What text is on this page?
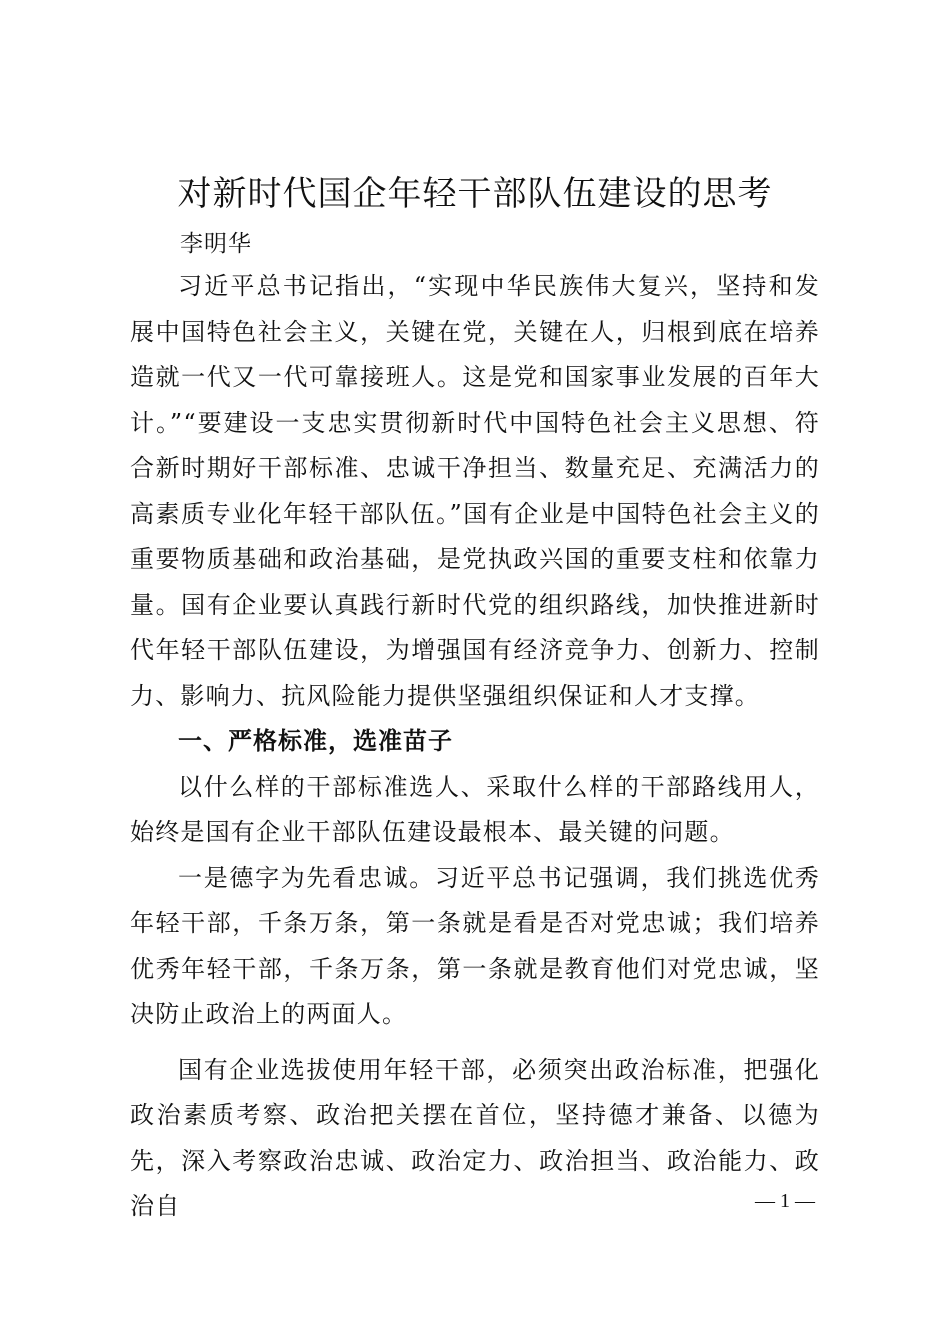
对新时代国企年轻干部队伍建设的思考

李明华

习近平总书记指出，“实现中华民族伟大复兴，坚持和发展中国特色社会主义，关键在党，关键在人，归根到底在培养造就一代又一代可靠接班人。这是党和国家事业发展的百年大计。”“要建设一支忠实贯彻新时代中国特色社会主义思想、符合新时期好干部标准、忠诚干净担当、数量充足、充满活力的高素质专业化年轻干部队伍。”国有企业是中国特色社会主义的重要物质基础和政治基础，是党执政兴国的重要支柱和依靠力量。国有企业要认真践行新时代党的组织路线，加快推进新时代年轻干部队伍建设，为增强国有经济竞争力、创新力、控制力、影响力、抗风险能力提供坚强组织保证和人才支撑。

一、严格标准，选准苗子

以什么样的干部标准选人、采取什么样的干部路线用人，始终是国有企业干部队伍建设最根本、最关键的问题。

一是德字为先看忠诚。习近平总书记强调，我们挑选优秀年轻干部，千条万条，第一条就是看是否对党忠诚；我们培养优秀年轻干部，千条万条，第一条就是教育他们对党忠诚，坚决防止政治上的两面人。

国有企业选拔使用年轻干部，必须突出政治标准，把强化政治素质考察、政治把关摆在首位，坚持德才兼备、以德为先，深入考察政治忠诚、政治定力、政治担当、政治能力、政治自	— 1 —
